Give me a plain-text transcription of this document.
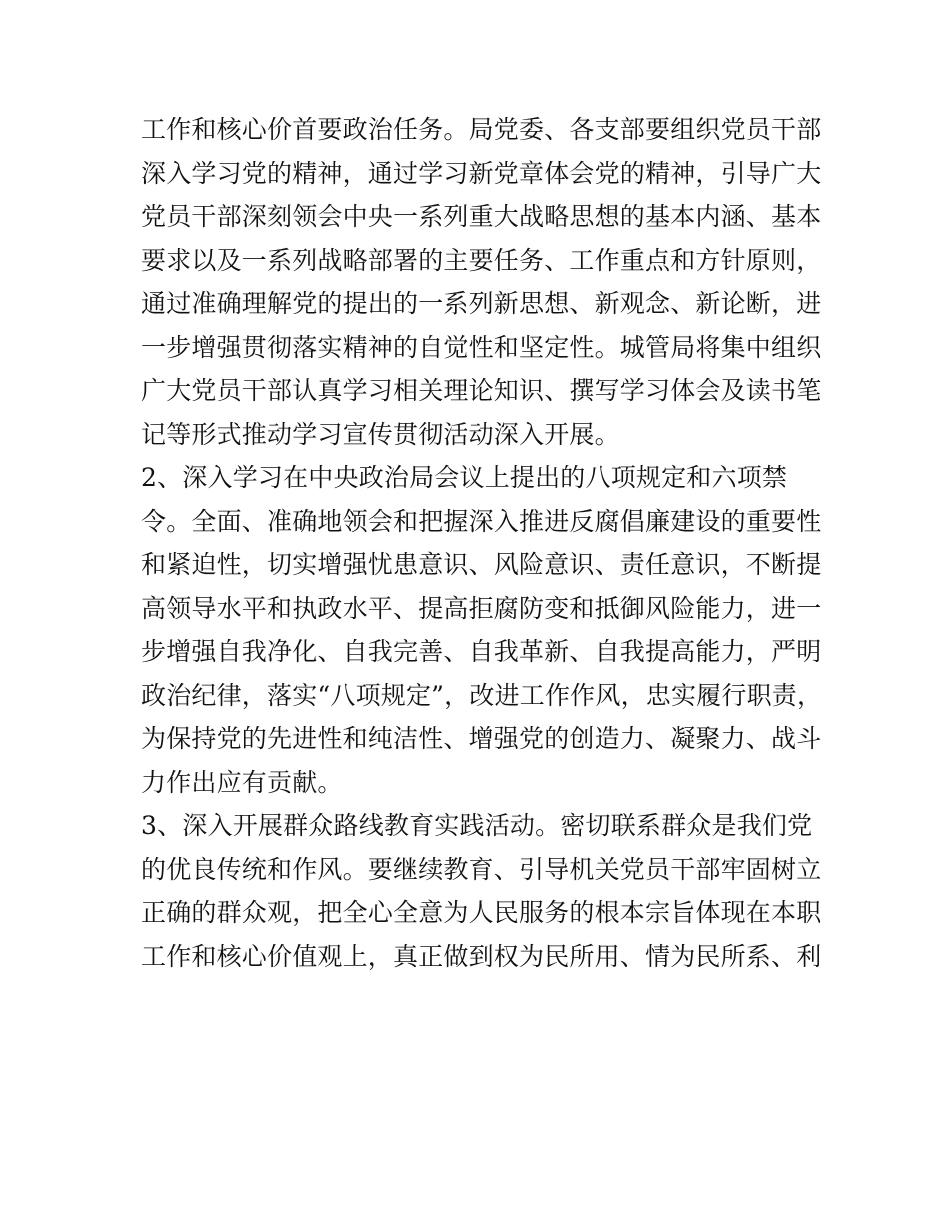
工作和核心价首要政治任务。局党委、各支部要组织党员干部
深入学习党的精神，通过学习新党章体会党的精神，引导广大
党员干部深刻领会中央一系列重大战略思想的基本内涵、基本
要求以及一系列战略部署的主要任务、工作重点和方针原则，
通过准确理解党的提出的一系列新思想、新观念、新论断，进
一步增强贯彻落实精神的自觉性和坚定性。城管局将集中组织
广大党员干部认真学习相关理论知识、撰写学习体会及读书笔
记等形式推动学习宣传贯彻活动深入开展。
2、深入学习在中央政治局会议上提出的八项规定和六项禁
令。全面、准确地领会和把握深入推进反腐倡廉建设的重要性
和紧迫性，切实增强忧患意识、风险意识、责任意识，不断提
高领导水平和执政水平、提高拒腐防变和抵御风险能力，进一
步增强自我净化、自我完善、自我革新、自我提高能力，严明
政治纪律，落实“八项规定”，改进工作作风，忠实履行职责，
为保持党的先进性和纯洁性、增强党的创造力、凝聚力、战斗
力作出应有贡献。
3、深入开展群众路线教育实践活动。密切联系群众是我们党
的优良传统和作风。要继续教育、引导机关党员干部牢固树立
正确的群众观，把全心全意为人民服务的根本宗旨体现在本职
工作和核心价值观上，真正做到权为民所用、情为民所系、利
